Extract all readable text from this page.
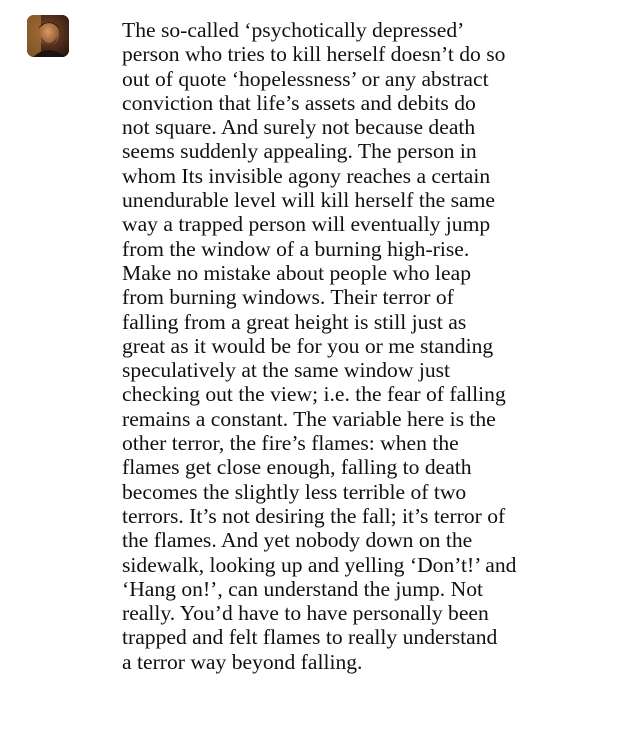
The so-called ‘psychotically depressed’
person who tries to kill herself doesn’t do so
out of quote ‘hopelessness’ or any abstract
conviction that life’s assets and debits do
not square. And surely not because death
seems suddenly appealing. The person in
whom Its invisible agony reaches a certain
unendurable level will kill herself the same
way a trapped person will eventually jump
from the window of a burning high-rise.
Make no mistake about people who leap
from burning windows. Their terror of
falling from a great height is still just as
great as it would be for you or me standing
speculatively at the same window just
checking out the view; i.e. the fear of falling
remains a constant. The variable here is the
other terror, the fire’s flames: when the
flames get close enough, falling to death
becomes the slightly less terrible of two
terrors. It’s not desiring the fall; it’s terror of
the flames. And yet nobody down on the
sidewalk, looking up and yelling ‘Don’t!’ and
‘Hang on!’, can understand the jump. Not
really. You’d have to have personally been
trapped and felt flames to really understand
a terror way beyond falling.
